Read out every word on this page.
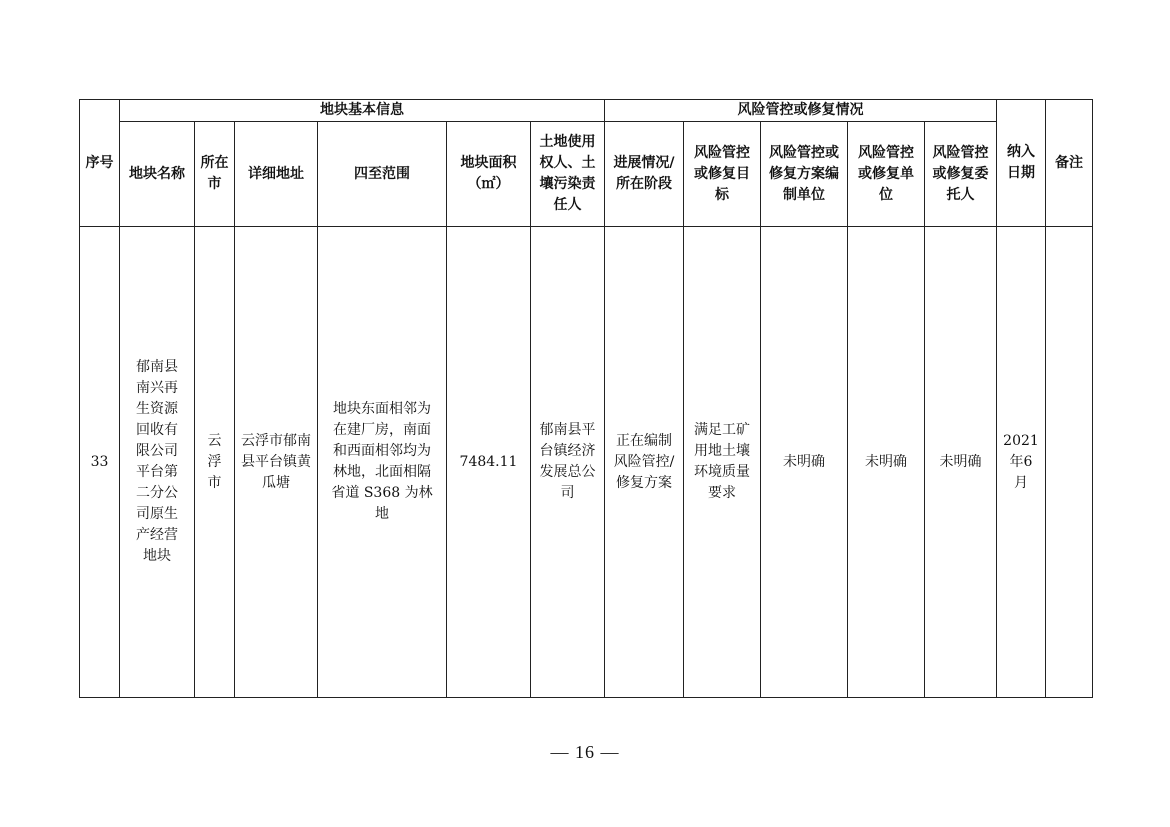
序号	地块基本信息						风险管控或修复情况					纳入日期	备注
	地块名称	所在市	详细地址	四至范围	地块面积（㎡）	土地使用权人、土壤污染责任人	进展情况/所在阶段	风险管控或修复目标	风险管控或修复方案编制单位	风险管控或修复单位	风险管控或修复委托人		
33	郁南县南兴再生资源回收有限公司平台第二分公司原生产经营地块	云浮市	云浮市郁南县平台镇黄瓜塘	地块东面相邻为在建厂房，南面和西面相邻均为林地，北面相隔省道 S368 为林地	7484.11	郁南县平台镇经济发展总公司	正在编制风险管控/修复方案	满足工矿用地土壤环境质量要求	未明确	未明确	未明确	2021年6月	
— 16 —
